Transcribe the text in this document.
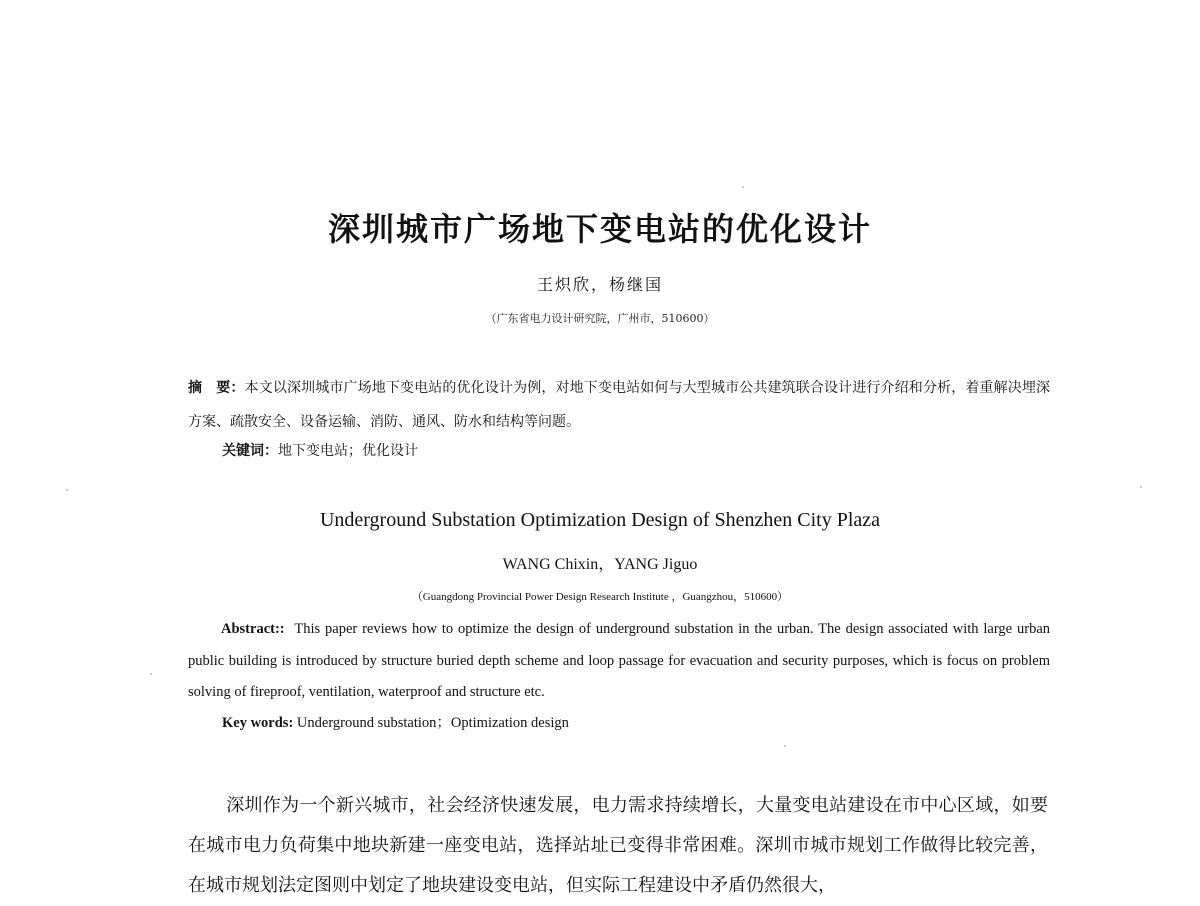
深圳城市广场地下变电站的优化设计
王炽欣，杨继国
（广东省电力设计研究院，广州市，510600）
摘　要：本文以深圳城市广场地下变电站的优化设计为例，对地下变电站如何与大型城市公共建筑联合设计进行介绍和分析，着重解决埋深方案、疏散安全、设备运输、消防、通风、防水和结构等问题。
关键词：地下变电站；优化设计
Underground Substation Optimization Design of Shenzhen City Plaza
WANG Chixin，YANG Jiguo
（Guangdong Provincial Power Design Research Institute ，Guangzhou，510600）
Abstract:: This paper reviews how to optimize the design of underground substation in the urban. The design associated with large urban public building is introduced by structure buried depth scheme and loop passage for evacuation and security purposes, which is focus on problem solving of fireproof, ventilation, waterproof and structure etc.
Key words: Underground substation；Optimization design
深圳作为一个新兴城市，社会经济快速发展，电力需求持续增长，大量变电站建设在市中心区域，如要在城市电力负荷集中地块新建一座变电站，选择站址已变得非常困难。深圳市城市规划工作做得比较完善，在城市规划法定图则中划定了地块建设变电站，但实际工程建设中矛盾仍然很大，
